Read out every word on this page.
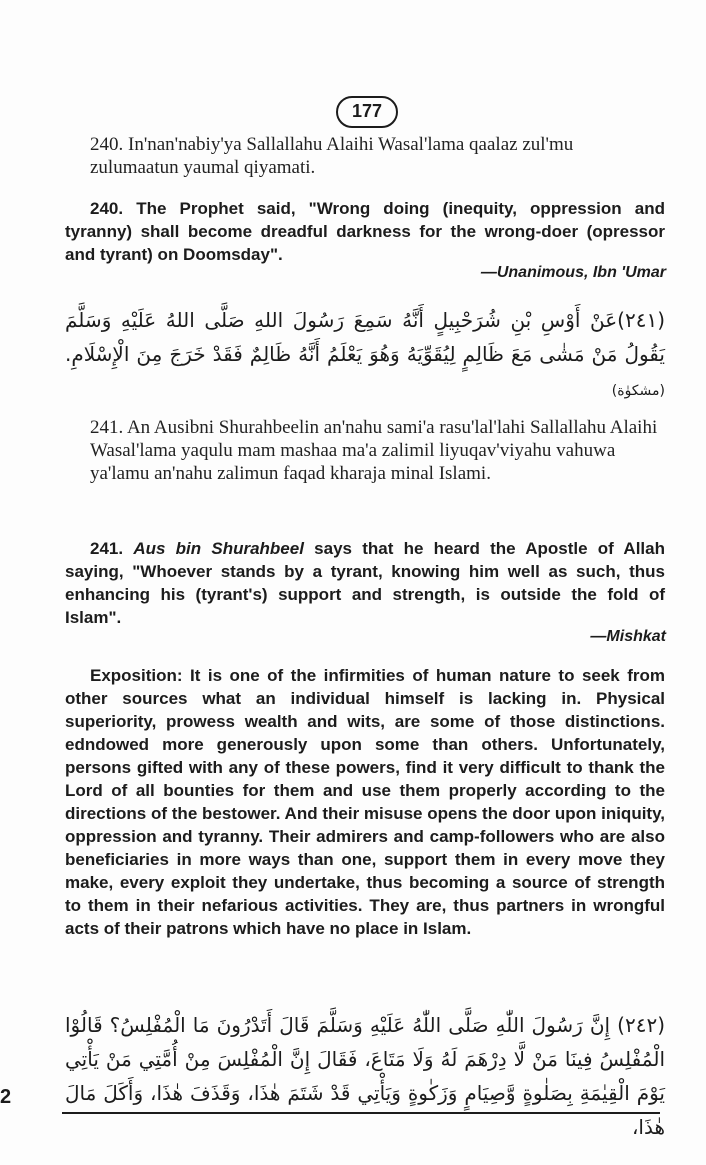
177
240. In'nan'nabiy'ya Sallallahu Alaihi Wasal'lama qaalaz zul'mu zulumaatun yaumal qiyamati.
240. The Prophet said, "Wrong doing (inequity, oppression and tyranny) shall become dreadful darkness for the wrong-doer (opressor and tyrant) on Doomsday".
—Unanimous, Ibn 'Umar
(٢٤١)عَنْ أَوْسِ بْنِ شُرَحْبِيلٍ أَنَّهُ سَمِعَ رَسُولَ اللهِ صَلَّى اللهُ عَلَيْهِ وَسَلَّمَ يَقُولُ مَنْ مَشٰى مَعَ ظَالِمٍ لِيُقَوِّيَهُ وَهُوَ يَعْلَمُ أَنَّهُ ظَالِمٌ فَقَدْ خَرَجَ مِنَ الْإِسْلَامِ. (مشكوٰة)
241. An Ausibni Shurahbeelin an'nahu sami'a rasu'lal'lahi Sallallahu Alaihi Wasal'lama yaqulu mam mashaa ma'a zalimil liyuqav'viyahu vahuwa ya'lamu an'nahu zalimun faqad kharaja minal Islami.
241. Aus bin Shurahbeel says that he heard the Apostle of Allah saying, "Whoever stands by a tyrant, knowing him well as such, thus enhancing his (tyrant's) support and strength, is outside the fold of Islam".
—Mishkat
Exposition: It is one of the infirmities of human nature to seek from other sources what an individual himself is lacking in. Physical superiority, prowess wealth and wits, are some of those distinctions. edndowed more generously upon some than others. Unfortunately, persons gifted with any of these powers, find it very difficult to thank the Lord of all bounties for them and use them properly according to the directions of the bestower. And their misuse opens the door upon iniquity, oppression and tyranny. Their admirers and camp-followers who are also beneficiaries in more ways than one, support them in every move they make, every exploit they undertake, thus becoming a source of strength to them in their nefarious activities. They are, thus partners in wrongful acts of their patrons which have no place in Islam.
(٢٤٢) إِنَّ رَسُولَ اللّٰهِ صَلَّى اللّٰهُ عَلَيْهِ وَسَلَّمَ قَالَ أَتَدْرُونَ مَا الْمُفْلِسُ؟ قَالُوْا الْمُفْلِسُ فِينَا مَنْ لَّا دِرْهَمَ لَهُ وَلَا مَتَاعَ، فَقَالَ إِنَّ الْمُفْلِسَ مِنْ أُمَّتِي مَنْ يَأْتِي يَوْمَ الْقِيٰمَةِ بِصَلٰوةٍ وَّصِيَامٍ وَزَكٰوةٍ وَيَأْتِي قَدْ شَتَمَ هٰذَا، وَقَذَفَ هٰذَا، وَأَكَلَ مَالَ هٰذَا،
2
